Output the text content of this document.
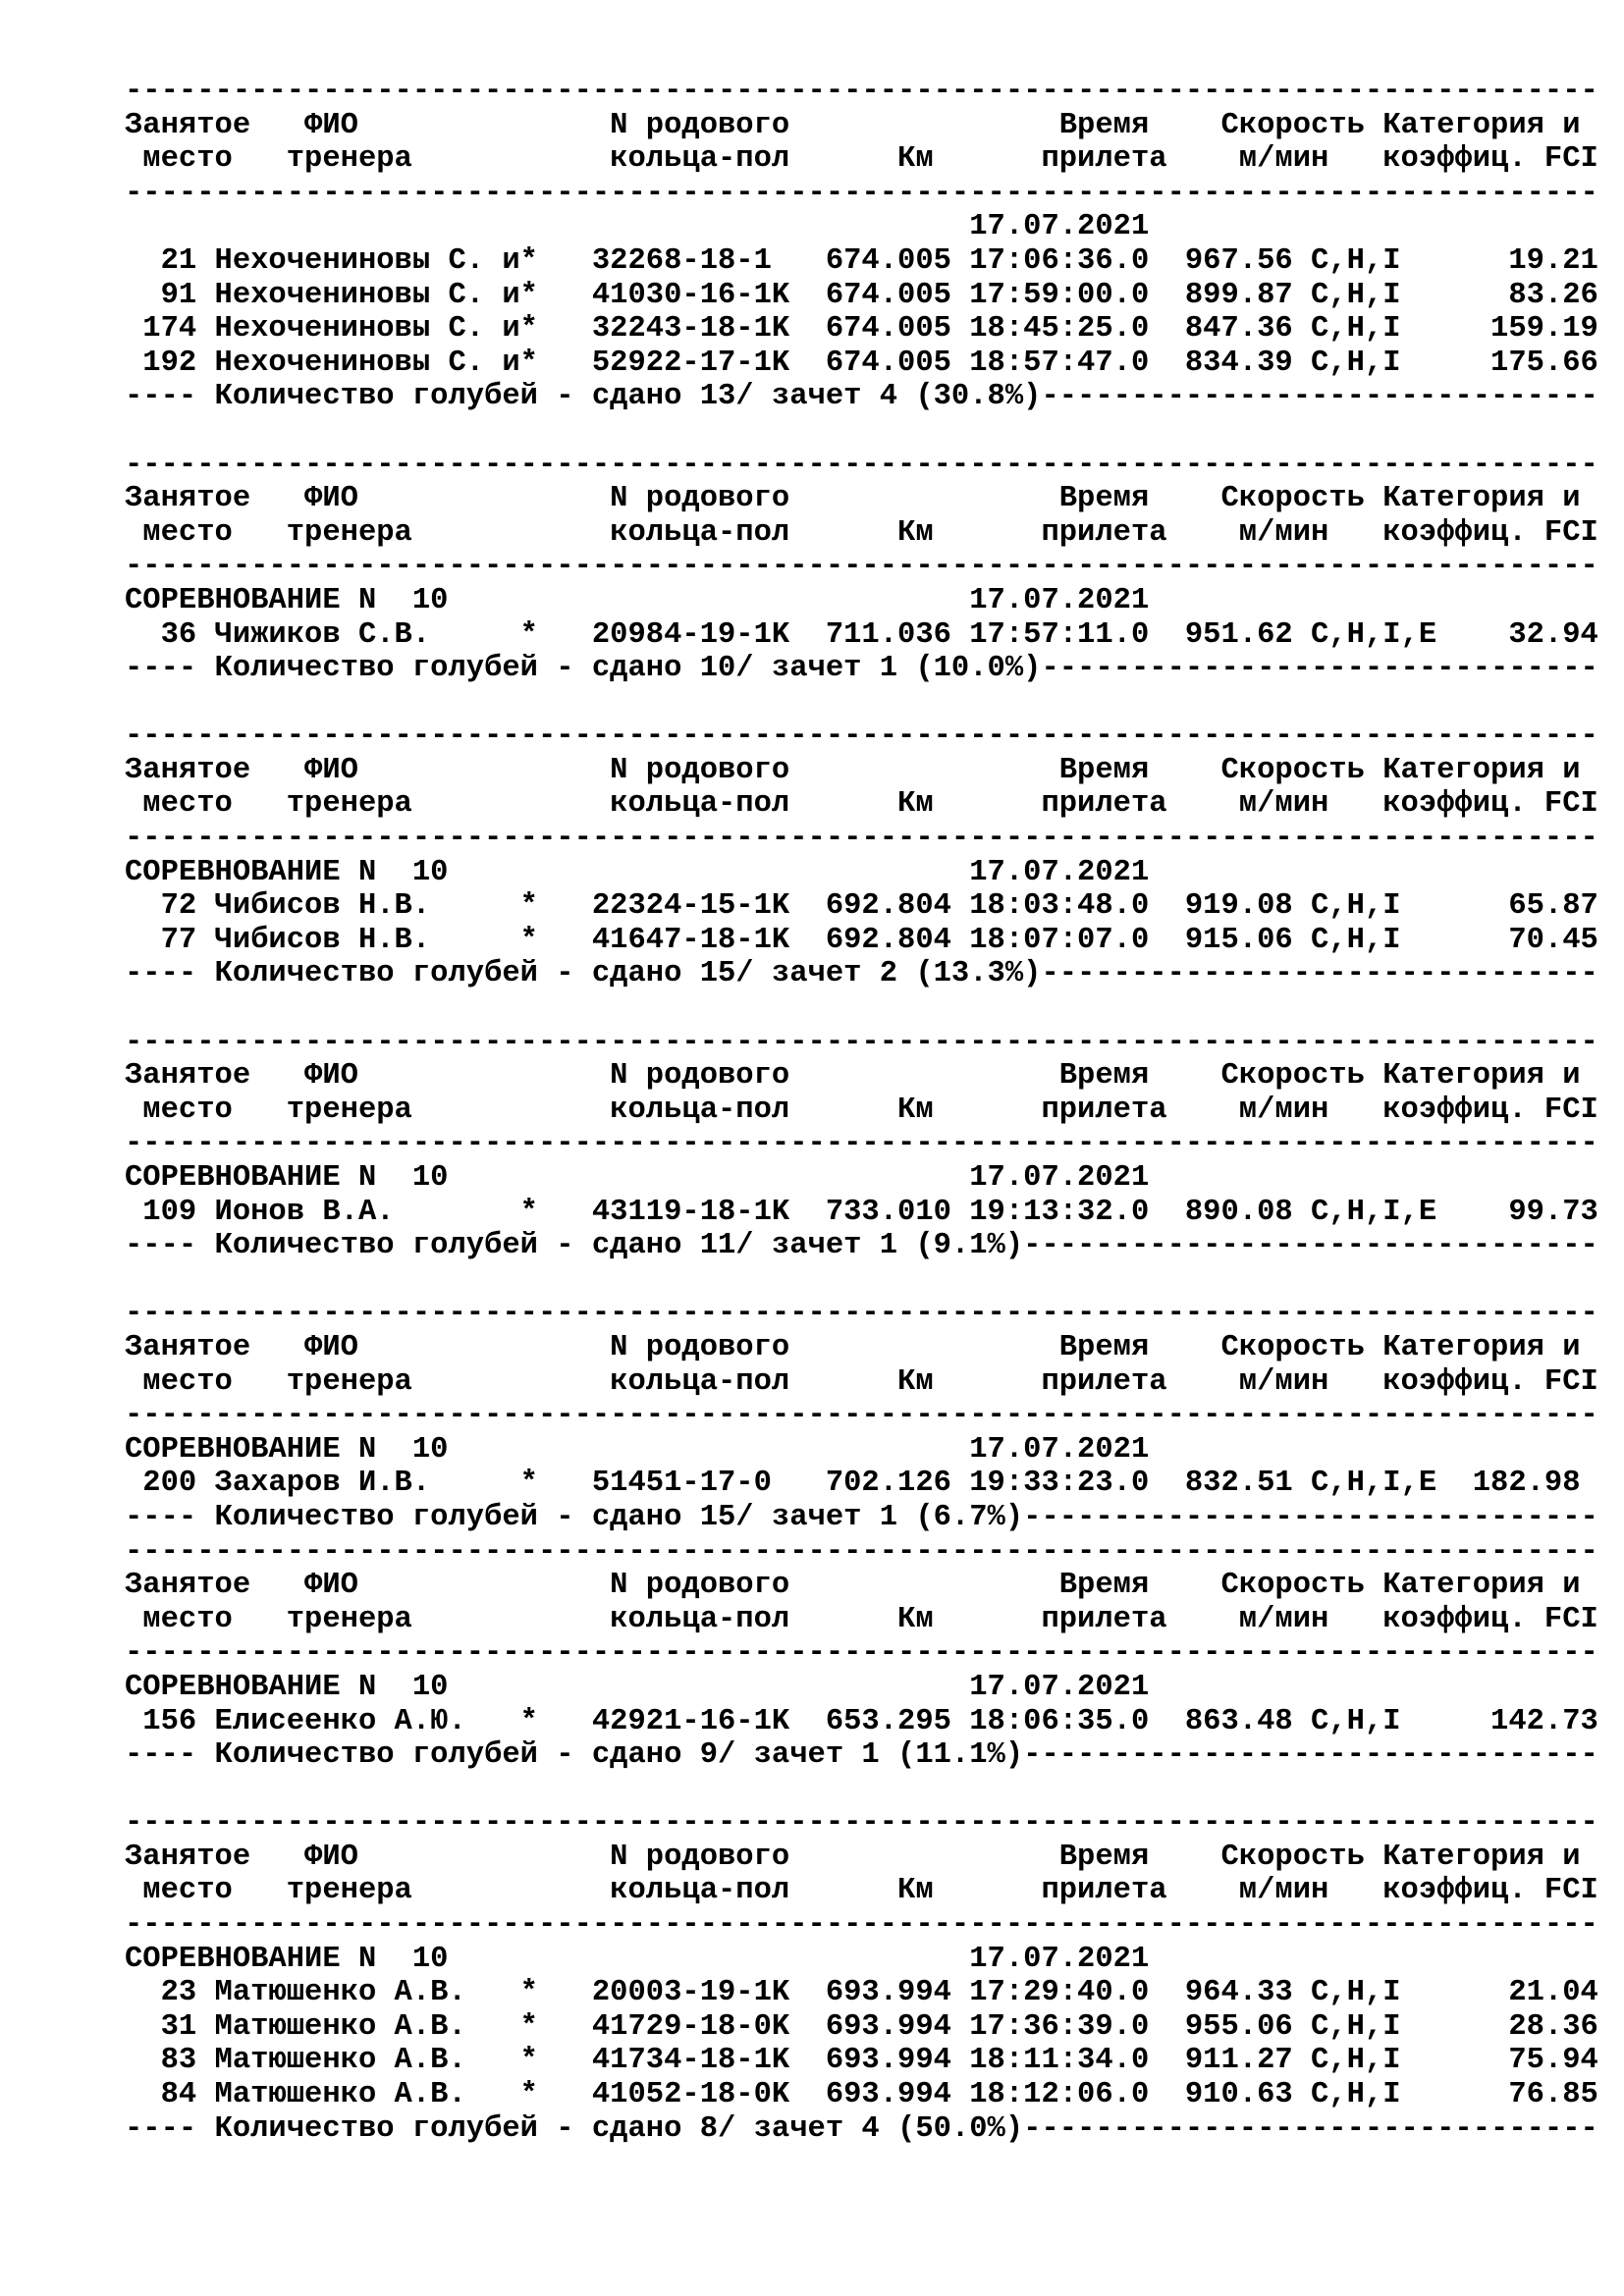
----------------------------------------------------------------------------------
Занятое   ФИО              N родового               Время    Скорость Категория и
место   тренера           кольца-пол      Км      прилета    м/мин   коэффиц. FCI
----------------------------------------------------------------------------------
17.07.2021
21 Нехочениновы С. и*   32268-18-1   674.005 17:06:36.0  967.56 C,H,I      19.21
91 Нехочениновы С. и*   41030-16-1K  674.005 17:59:00.0  899.87 C,H,I      83.26
174 Нехочениновы С. и*   32243-18-1K  674.005 18:45:25.0  847.36 C,H,I     159.19
192 Нехочениновы С. и*   52922-17-1K  674.005 18:57:47.0  834.39 C,H,I     175.66
---- Количество голубей - сдано 13/ зачет 4 (30.8%)-------------------------------
----------------------------------------------------------------------------------
Занятое   ФИО              N родового               Время    Скорость Категория и
место   тренера           кольца-пол      Км      прилета    м/мин   коэффиц. FCI
----------------------------------------------------------------------------------
СОРЕВНОВАНИЕ N  10                             17.07.2021
36 Чижиков С.В.     *   20984-19-1K  711.036 17:57:11.0  951.62 C,H,I,E    32.94
---- Количество голубей - сдано 10/ зачет 1 (10.0%)-------------------------------
----------------------------------------------------------------------------------
Занятое   ФИО              N родового               Время    Скорость Категория и
место   тренера           кольца-пол      Км      прилета    м/мин   коэффиц. FCI
----------------------------------------------------------------------------------
СОРЕВНОВАНИЕ N  10                             17.07.2021
72 Чибисов Н.В.     *   22324-15-1K  692.804 18:03:48.0  919.08 C,H,I      65.87
77 Чибисов Н.В.     *   41647-18-1K  692.804 18:07:07.0  915.06 C,H,I      70.45
---- Количество голубей - сдано 15/ зачет 2 (13.3%)-------------------------------
----------------------------------------------------------------------------------
Занятое   ФИО              N родового               Время    Скорость Категория и
место   тренера           кольца-пол      Км      прилета    м/мин   коэффиц. FCI
----------------------------------------------------------------------------------
СОРЕВНОВАНИЕ N  10                             17.07.2021
109 Ионов В.А.       *   43119-18-1K  733.010 19:13:32.0  890.08 C,H,I,E    99.73
---- Количество голубей - сдано 11/ зачет 1 (9.1%)--------------------------------
----------------------------------------------------------------------------------
Занятое   ФИО              N родового               Время    Скорость Категория и
место   тренера           кольца-пол      Км      прилета    м/мин   коэффиц. FCI
----------------------------------------------------------------------------------
СОРЕВНОВАНИЕ N  10                             17.07.2021
200 Захаров И.В.     *   51451-17-0   702.126 19:33:23.0  832.51 C,H,I,E  182.98
---- Количество голубей - сдано 15/ зачет 1 (6.7%)--------------------------------
----------------------------------------------------------------------------------
Занятое   ФИО              N родового               Время    Скорость Категория и
место   тренера           кольца-пол      Км      прилета    м/мин   коэффиц. FCI
----------------------------------------------------------------------------------
СОРЕВНОВАНИЕ N  10                             17.07.2021
156 Елисеенко А.Ю.   *   42921-16-1K  653.295 18:06:35.0  863.48 C,H,I     142.73
---- Количество голубей - сдано 9/ зачет 1 (11.1%)--------------------------------
----------------------------------------------------------------------------------
Занятое   ФИО              N родового               Время    Скорость Категория и
место   тренера           кольца-пол      Км      прилета    м/мин   коэффиц. FCI
----------------------------------------------------------------------------------
СОРЕВНОВАНИЕ N  10                             17.07.2021
23 Матюшенко А.В.   *   20003-19-1K  693.994 17:29:40.0  964.33 C,H,I      21.04
31 Матюшенко А.В.   *   41729-18-0K  693.994 17:36:39.0  955.06 C,H,I      28.36
83 Матюшенко А.В.   *   41734-18-1K  693.994 18:11:34.0  911.27 C,H,I      75.94
84 Матюшенко А.В.   *   41052-18-0K  693.994 18:12:06.0  910.63 C,H,I      76.85
---- Количество голубей - сдано 8/ зачет 4 (50.0%)--------------------------------
